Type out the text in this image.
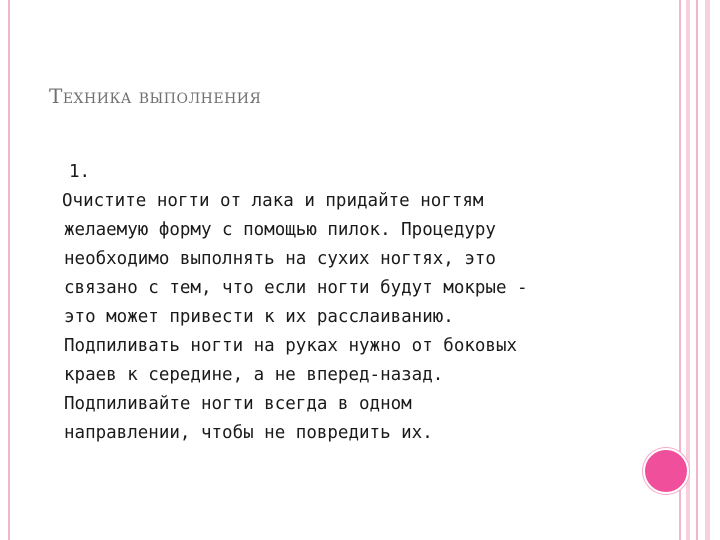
Техника выполнения
1.
Очистите ногти от лака и придайте ногтям
желаемую форму с помощью пилок. Процедуру
необходимо выполнять на сухих ногтях, это
связано с тем, что если ногти будут мокрые -
это может привести к их расслаиванию.
Подпиливать ногти на руках нужно от боковых
краев к середине, а не вперед-назад.
Подпиливайте ногти всегда в одном
направлении, чтобы не повредить их.
